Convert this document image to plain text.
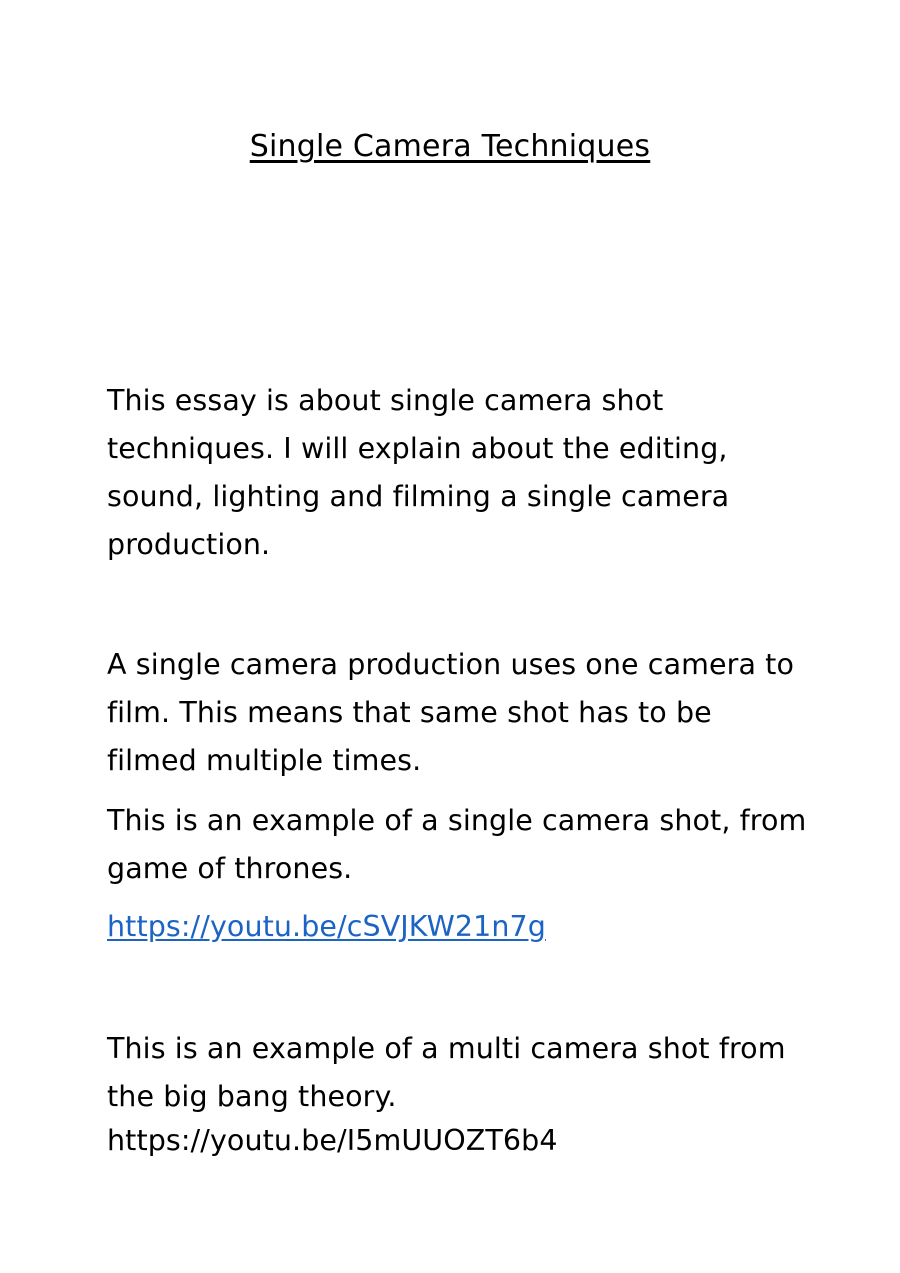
Single Camera Techniques

This essay is about single camera shot techniques. I will explain about the editing, sound, lighting and filming a single camera production.

A single camera production uses one camera to film. This means that same shot has to be filmed multiple times.

This is an example of a single camera shot, from game of thrones.

https://youtu.be/cSVJKW21n7g

This is an example of a multi camera shot from the big bang theory.

https://youtu.be/I5mUUOZT6b4
